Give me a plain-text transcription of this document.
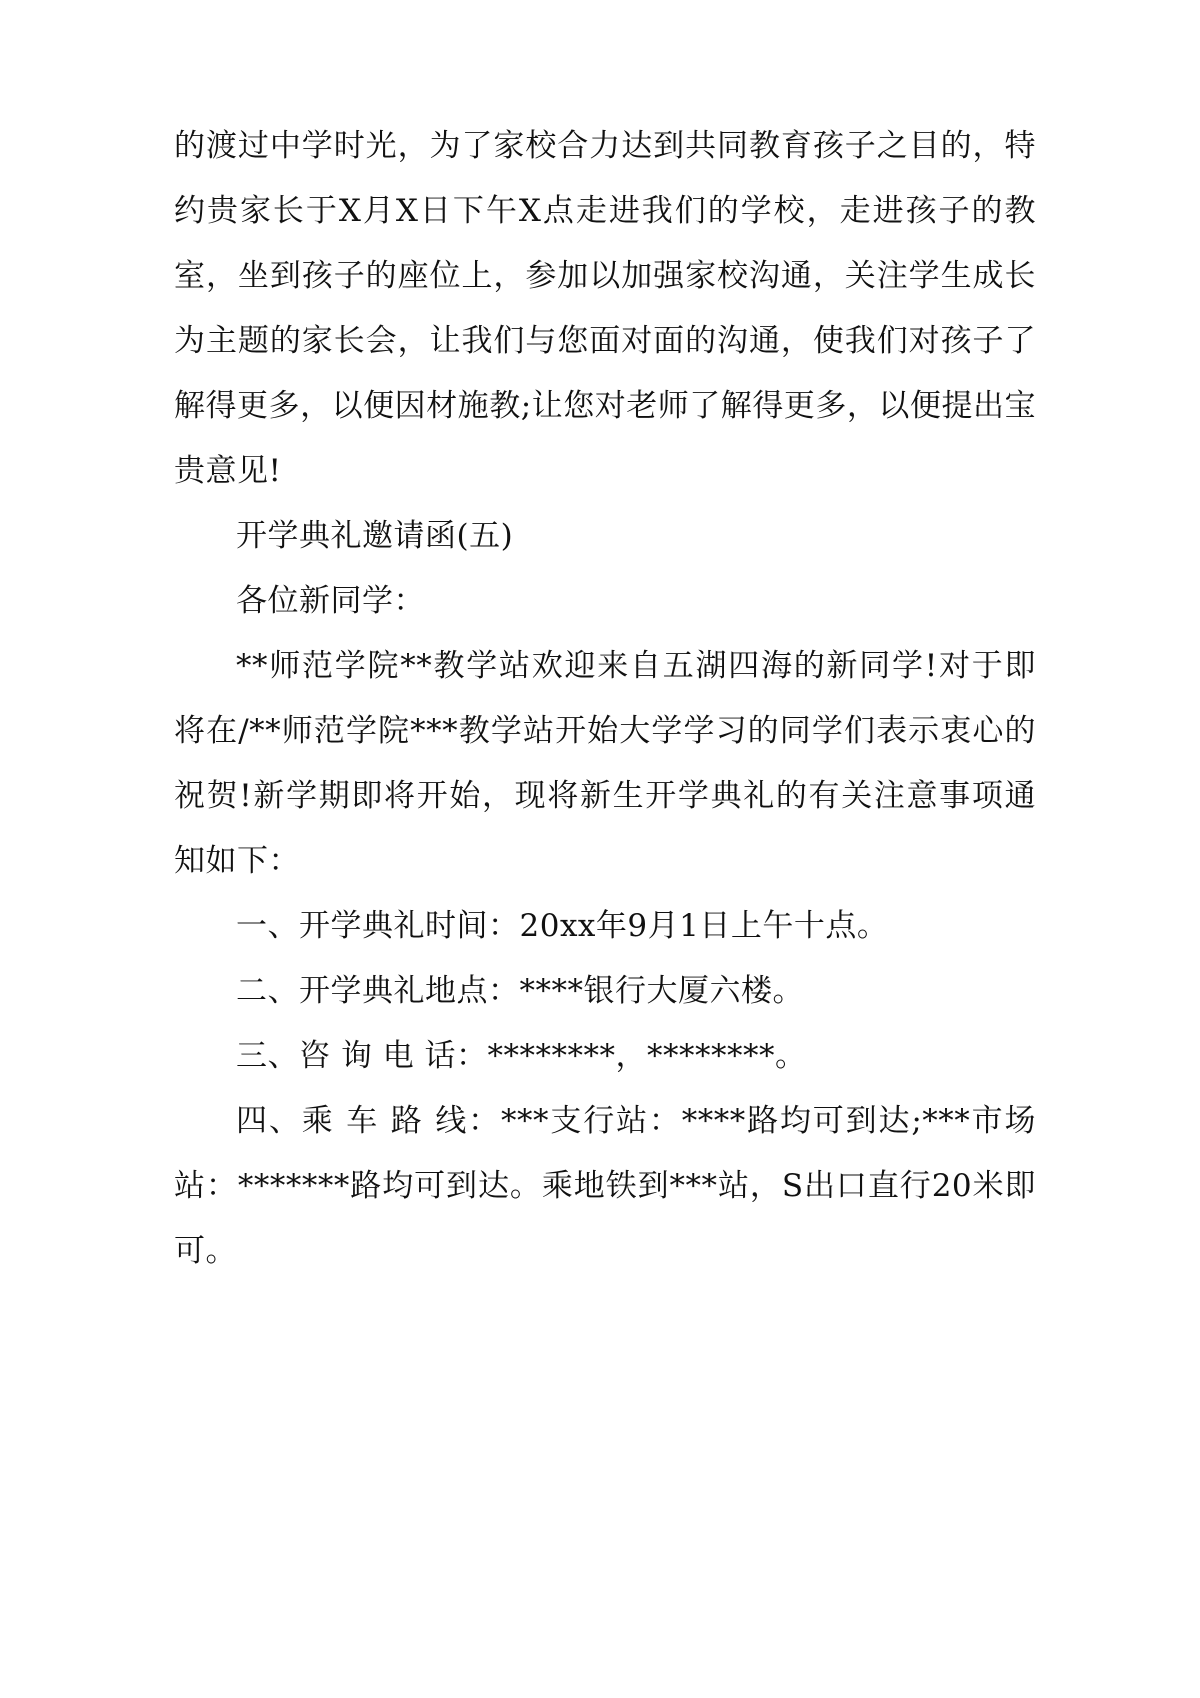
的渡过中学时光，为了家校合力达到共同教育孩子之目的，特约贵家长于X月X日下午X点走进我们的学校，走进孩子的教室，坐到孩子的座位上，参加以加强家校沟通，关注学生成长为主题的家长会，让我们与您面对面的沟通，使我们对孩子了解得更多，以便因材施教;让您对老师了解得更多，以便提出宝贵意见!

开学典礼邀请函(五)

各位新同学：

**师范学院**教学站欢迎来自五湖四海的新同学!对于即将在/**师范学院***教学站开始大学学习的同学们表示衷心的祝贺!新学期即将开始，现将新生开学典礼的有关注意事项通知如下：

一、开学典礼时间：20xx年9月1日上午十点。

二、开学典礼地点：****银行大厦六楼。

三、咨 询 电 话：********，********。

四、乘 车 路 线：***支行站：****路均可到达;***市场站：*******路均可到达。乘地铁到***站，S出口直行20米即可。
